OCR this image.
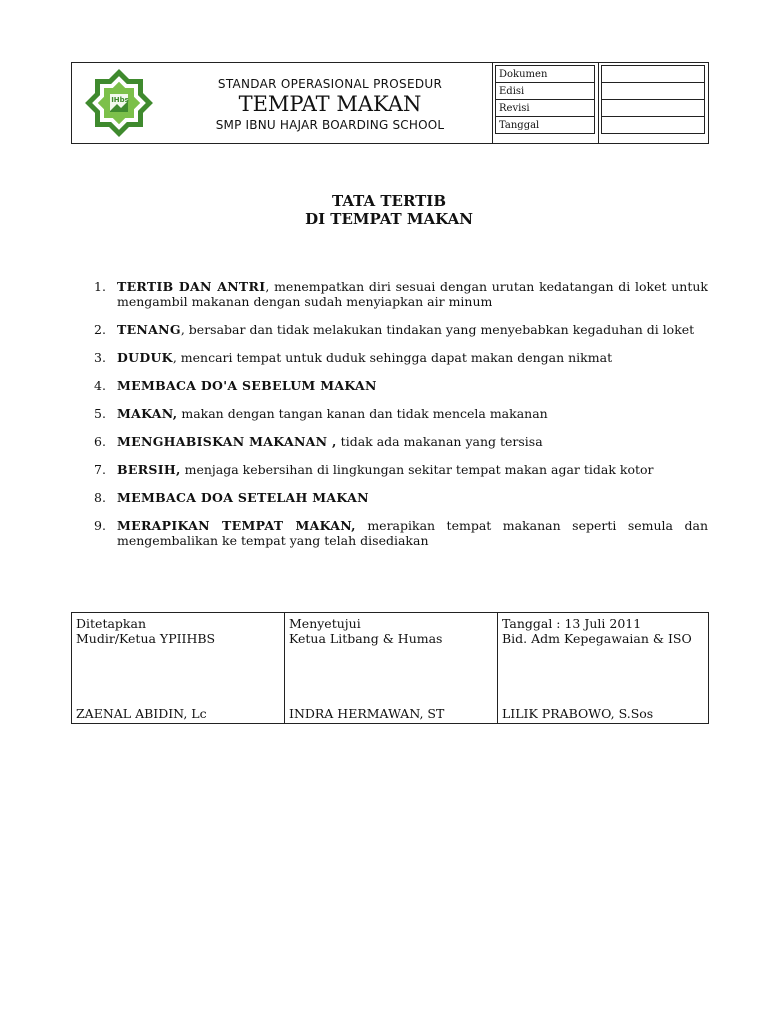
IHbs
STANDAR OPERASIONAL PROSEDUR
TEMPAT MAKAN
SMP IBNU HAJAR BOARDING SCHOOL
Dokumen
Edisi
Revisi
Tanggal

TATA TERTIB
DI TEMPAT MAKAN
1. TERTIB DAN ANTRI, menempatkan diri sesuai dengan urutan kedatangan di loket untuk mengambil makanan dengan sudah menyiapkan air minum
2. TENANG, bersabar dan tidak melakukan tindakan yang menyebabkan kegaduhan di loket
3. DUDUK, mencari tempat untuk duduk sehingga dapat makan dengan nikmat
4. MEMBACA DO'A SEBELUM MAKAN
5. MAKAN, makan dengan tangan kanan dan tidak mencela makanan
6. MENGHABISKAN MAKANAN , tidak ada makanan yang tersisa
7. BERSIH, menjaga kebersihan di lingkungan sekitar tempat makan agar tidak kotor
8. MEMBACA DOA SETELAH MAKAN
9. MERAPIKAN TEMPAT MAKAN, merapikan tempat makanan seperti semula dan mengembalikan ke tempat yang telah disediakan
Ditetapkan
Mudir/Ketua YPIIHBS
ZAENAL ABIDIN, Lc

Menyetujui
Ketua Litbang & Humas
INDRA HERMAWAN, ST

Tanggal : 13 Juli 2011
Bid. Adm Kepegawaian & ISO
LILIK PRABOWO, S.Sos
